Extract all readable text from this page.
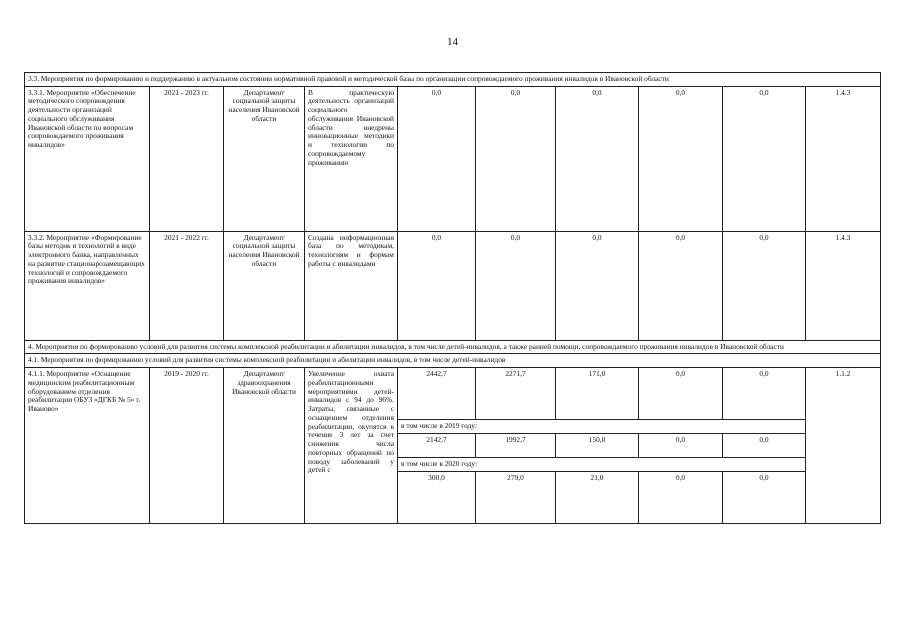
14
3.3. Мероприятия по формированию и поддержанию в актуальном состоянии нормативной правовой и методической базы по организации сопровождаемого проживания инвалидов в Ивановской области									
3.3.1. Мероприятие «Обеспечение методического сопровождения деятельности организаций социального обслуживания Ивановской области по вопросам сопровождаемого проживания инвалидов»	2021 - 2023 гг.	Департамент социальной защиты населения Ивановской области	В практическую деятельность организаций социального обслуживания Ивановской области внедрены инновационные методики и технологии по сопровождаемому проживанию	0,0	0,0	0,0	0,0	0,0	1.4.3
3.3.2. Мероприятие «Формирование базы методик и технологий в виде электронного банка, направленных на развитие стационарозамещающих технологий и сопровождаемого проживания инвалидов»	2021 - 2022 гг.	Департамент социальной защиты населения Ивановской области	Создана информационная база по методикам, технологиям и формам работы с инвалидами	0,0	0,0	0,0	0,0	0,0	1.4.3
4. Мероприятия по формированию условий для развития системы комплексной реабилитации и абилитации инвалидов, в том числе детей-инвалидов, а также ранней помощи, сопровождаемого проживания инвалидов в Ивановской области									
4.1. Мероприятия по формированию условий для развития системы комплексной реабилитации и абилитации инвалидов, в том числе детей-инвалидов									
4.1.1. Мероприятие «Оснащение медицинским реабилитационным оборудованием отделения реабилитации ОБУЗ «ДГКБ № 5» г. Иваново»	2019 - 2020 гг.	Департамент здравоохранения Ивановской области	Увеличение охвата реабилитационными мероприятиями детей-инвалидов с 94 до 96%. Затраты, связанные с оснащением отделения реабилитации, окупятся в течение 3 лет за счет снижения числа повторных обращений по поводу заболеваний у детей с	2442,7	2271,7	171,0	0,0	0,0	1.1.2
				в том числе в 2019 году:					
				2142,7	1992,7	150,0	0,0	0,0	
				в том числе в 2020 году:					
				300,0	279,0	21,0	0,0	0,0	
